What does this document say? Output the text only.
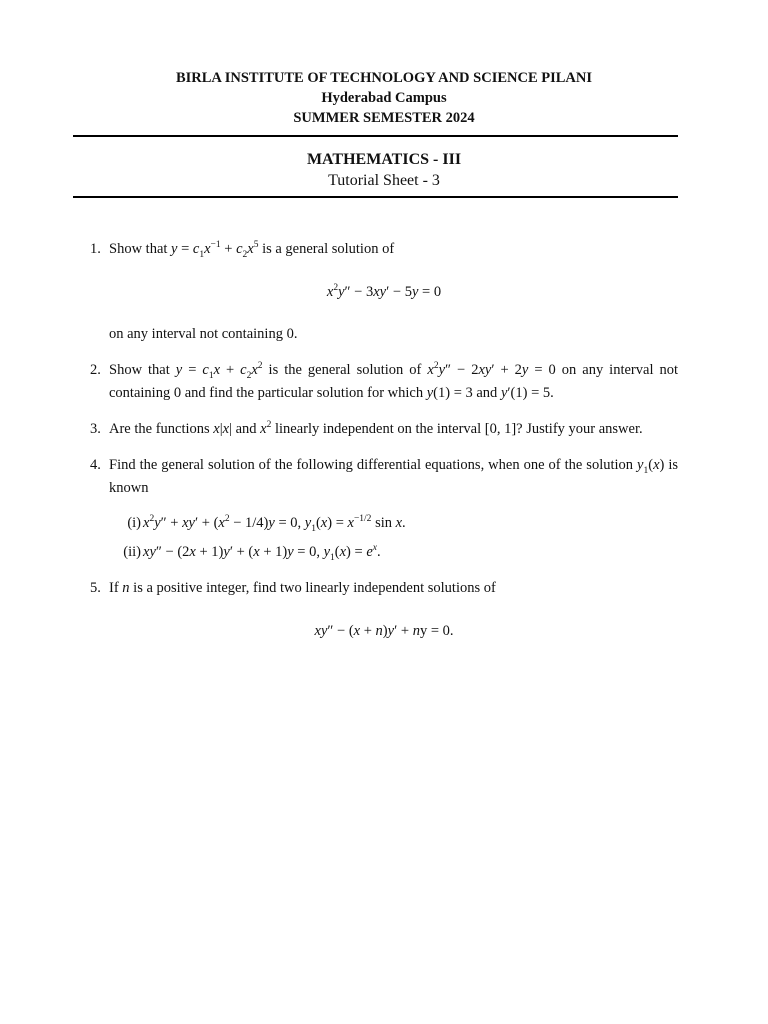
BIRLA INSTITUTE OF TECHNOLOGY AND SCIENCE PILANI
Hyderabad Campus
SUMMER SEMESTER 2024
MATHEMATICS - III
Tutorial Sheet - 3
1. Show that $y = c_1x^{-1} + c_2x^5$ is a general solution of
$x^2y'' - 3xy' - 5y = 0$
on any interval not containing 0.
2. Show that $y = c_1x + c_2x^2$ is the general solution of $x^2y'' - 2xy' + 2y = 0$ on any interval not containing 0 and find the particular solution for which y(1) = 3 and y′(1) = 5.
3. Are the functions x|x| and $x^2$ linearly independent on the interval [0, 1]? Justify your answer.
4. Find the general solution of the following differential equations, when one of the solution $y_1(x)$ is known
(i) $x^2y'' + xy' + (x^2 - 1/4)y = 0$, $y_1(x) = x^{-1/2}$ sin x.
(ii) xy″ − (2x + 1)y′ + (x + 1)y = 0, $y_1(x) = e^x$.
5. If n is a positive integer, find two linearly independent solutions of
xy″ − (x + n)y′ + ny = 0.
